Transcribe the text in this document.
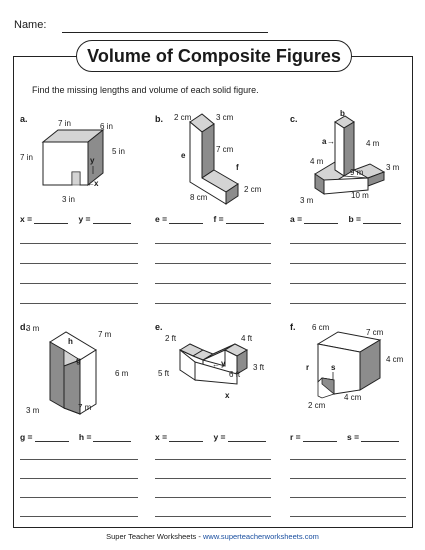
Name:
Volume of Composite Figures
Find the missing lengths and volume of each solid figure.
a.	b.	c.
d.	e.	f.
7 in	6 in
7 in
5 in
y
← x
3 in
2 cm	3 cm
e
7 cm
f
2 cm
8 cm
b
a →
4 m
4 m
9 m
3 m
10 m
3 m
3 m
7 m
h
g
6 m
3 m	7 m
2 ft	4 ft
← y
6 ft
5 ft
3 ft
x
6 cm
7 cm
4 cm
r	s
2 cm
4 cm
x =	y =	e =	f =	a =	b =
g =	h =	x =	y =	r =	s =
Super Teacher Worksheets - www.superteacherworksheets.com
